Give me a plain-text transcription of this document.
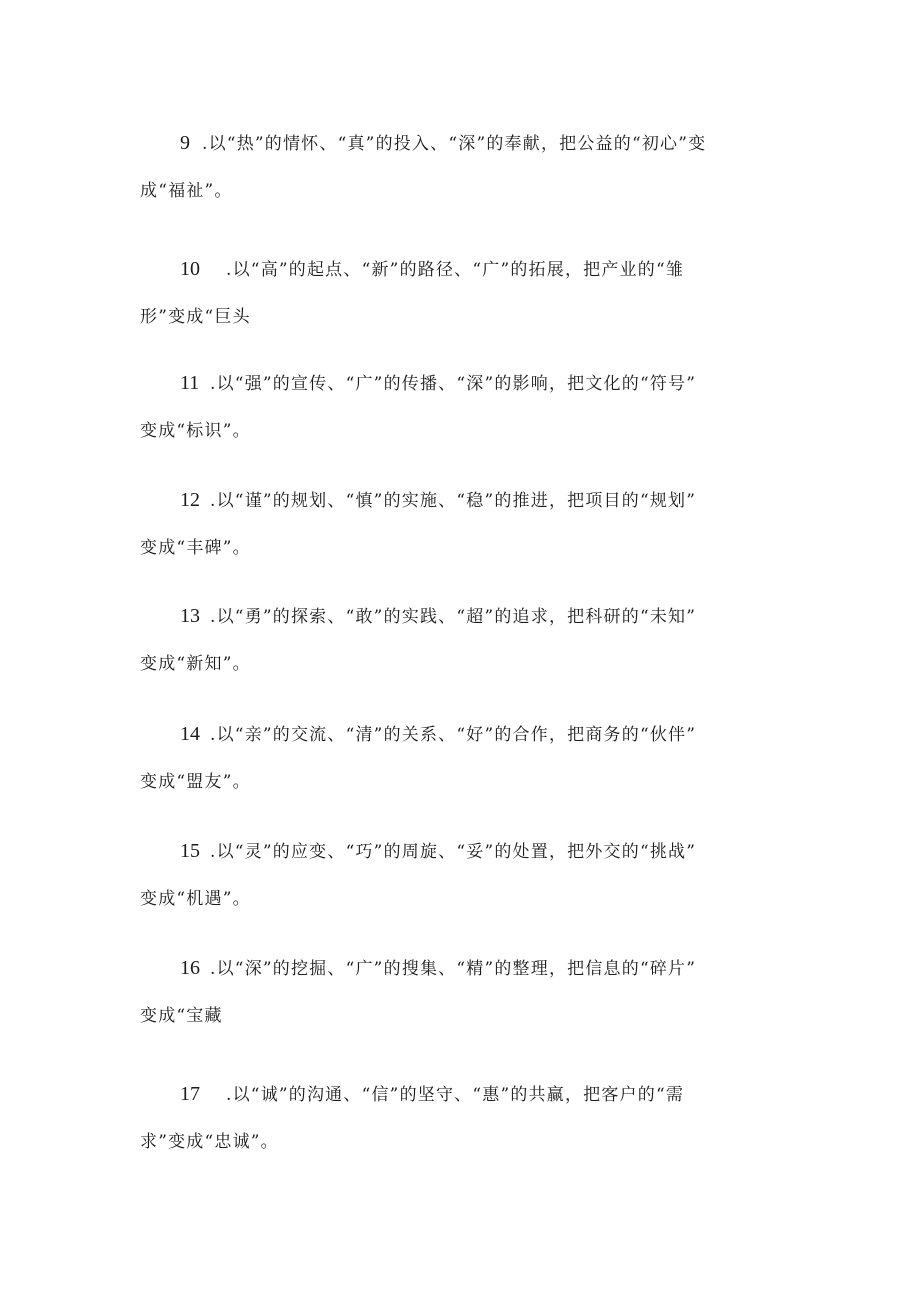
9 .以“热”的情怀、“真”的投入、“深”的奉献，把公益的“初心”变
成“福祉”。
10 .以“高”的起点、“新”的路径、“广”的拓展，把产业的“雏
形”变成“巨头
11 .以“强”的宣传、“广”的传播、“深”的影响，把文化的“符号”
变成“标识”。
12 .以“谨”的规划、“慎”的实施、“稳”的推进，把项目的“规划”
变成“丰碑”。
13 .以“勇”的探索、“敢”的实践、“超”的追求，把科研的“未知”
变成“新知”。
14 .以“亲”的交流、“清”的关系、“好”的合作，把商务的“伙伴”
变成“盟友”。
15 .以“灵”的应变、“巧”的周旋、“妥”的处置，把外交的“挑战”
变成“机遇”。
16 .以“深”的挖掘、“广”的搜集、“精”的整理，把信息的“碎片”
变成“宝藏
17 .以“诚”的沟通、“信”的坚守、“惠”的共赢，把客户的“需
求”变成“忠诚”。
